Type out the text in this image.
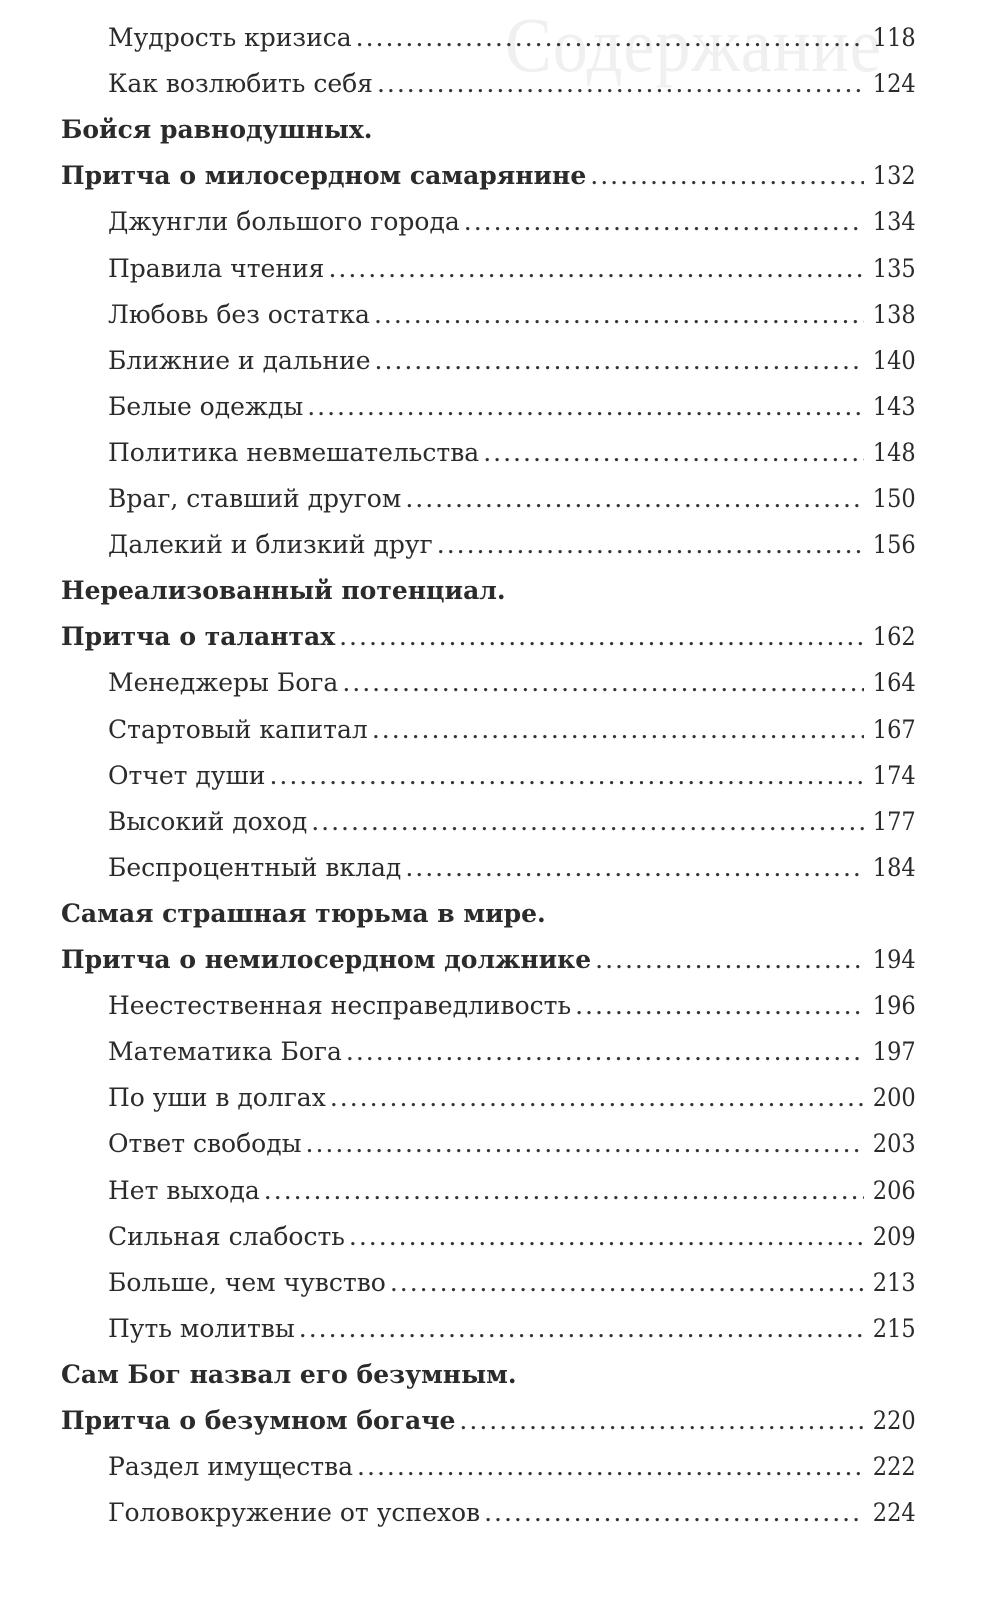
Содержание
Мудрость кризиса .....	118
Как возлюбить себя .....	124
Бойся равнодушных.
Притча о милосердном самарянине .....	132
Джунгли большого города .....	134
Правила чтения .....	135
Любовь без остатка .....	138
Ближние и дальние .....	140
Белые одежды .....	143
Политика невмешательства .....	148
Враг, ставший другом .....	150
Далекий и близкий друг .....	156
Нереализованный потенциал.
Притча о талантах .....	162
Менеджеры Бога .....	164
Стартовый капитал .....	167
Отчет души .....	174
Высокий доход .....	177
Беспроцентный вклад .....	184
Самая страшная тюрьма в мире.
Притча о немилосердном должнике .....	194
Неестественная несправедливость .....	196
Математика Бога .....	197
По уши в долгах .....	200
Ответ свободы .....	203
Нет выхода .....	206
Сильная слабость .....	209
Больше, чем чувство .....	213
Путь молитвы .....	215
Сам Бог назвал его безумным.
Притча о безумном богаче .....	220
Раздел имущества .....	222
Головокружение от успехов .....	224
